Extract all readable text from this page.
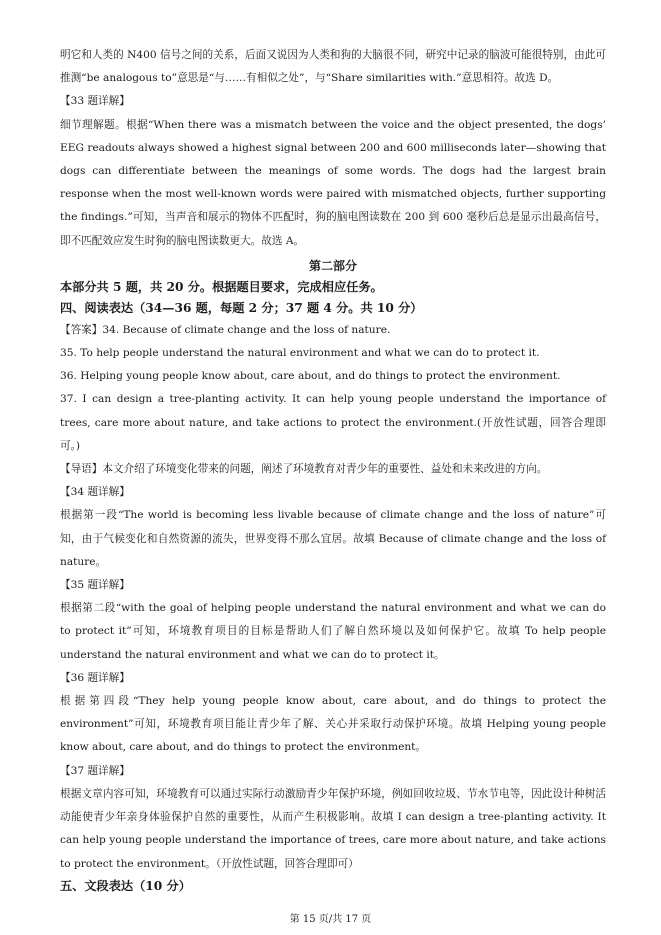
明它和人类的 N400 信号之间的关系，后面又说因为人类和狗的大脑很不同，研究中记录的脑波可能很特别，由此可推测“be analogous to”意思是“与……有相似之处”，与“Share similarities with.”意思相符。故选 D。

【33 题详解】

细节理解题。根据“When there was a mismatch between the voice and the object presented, the dogs’ EEG readouts always showed a highest signal between 200 and 600 milliseconds later—showing that dogs can differentiate between the meanings of some words. The dogs had the largest brain response when the most well-known words were paired with mismatched objects, further supporting the findings.”可知，当声音和展示的物体不匹配时，狗的脑电图读数在 200 到 600 毫秒后总是显示出最高信号，即不匹配效应发生时狗的脑电图读数更大。故选 A。

第二部分

本部分共 5 题，共 20 分。根据题目要求，完成相应任务。

四、阅读表达（34—36 题，每题 2 分；37 题 4 分。共 10 分）

【答案】34. Because of climate change and the loss of nature.

35. To help people understand the natural environment and what we can do to protect it.

36. Helping young people know about, care about, and do things to protect the environment.

37. I can design a tree-planting activity. It can help young people understand the importance of trees, care more about nature, and take actions to protect the environment.(开放性试题，回答合理即可。)

【导语】本文介绍了环境变化带来的问题，阐述了环境教育对青少年的重要性、益处和未来改进的方向。

【34 题详解】

根据第一段“The world is becoming less livable because of climate change and the loss of nature”可知，由于气候变化和自然资源的流失，世界变得不那么宜居。故填 Because of climate change and the loss of nature。

【35 题详解】

根据第二段“with the goal of helping people understand the natural environment and what we can do to protect it”可知，环境教育项目的目标是帮助人们了解自然环境以及如何保护它。故填 To help people understand the natural environment and what we can do to protect it。

【36 题详解】

根据第四段“They help young people know about, care about, and do things to protect the environment”可知，环境教育项目能让青少年了解、关心并采取行动保护环境。故填 Helping young people know about, care about, and do things to protect the environment。

【37 题详解】

根据文章内容可知，环境教育可以通过实际行动激励青少年保护环境，例如回收垃圾、节水节电等，因此设计种树活动能使青少年亲身体验保护自然的重要性，从而产生积极影响。故填 I can design a tree-planting activity. It can help young people understand the importance of trees, care more about nature, and take actions to protect the environment。（开放性试题，回答合理即可）

五、文段表达（10 分）

第 15 页/共 17 页
